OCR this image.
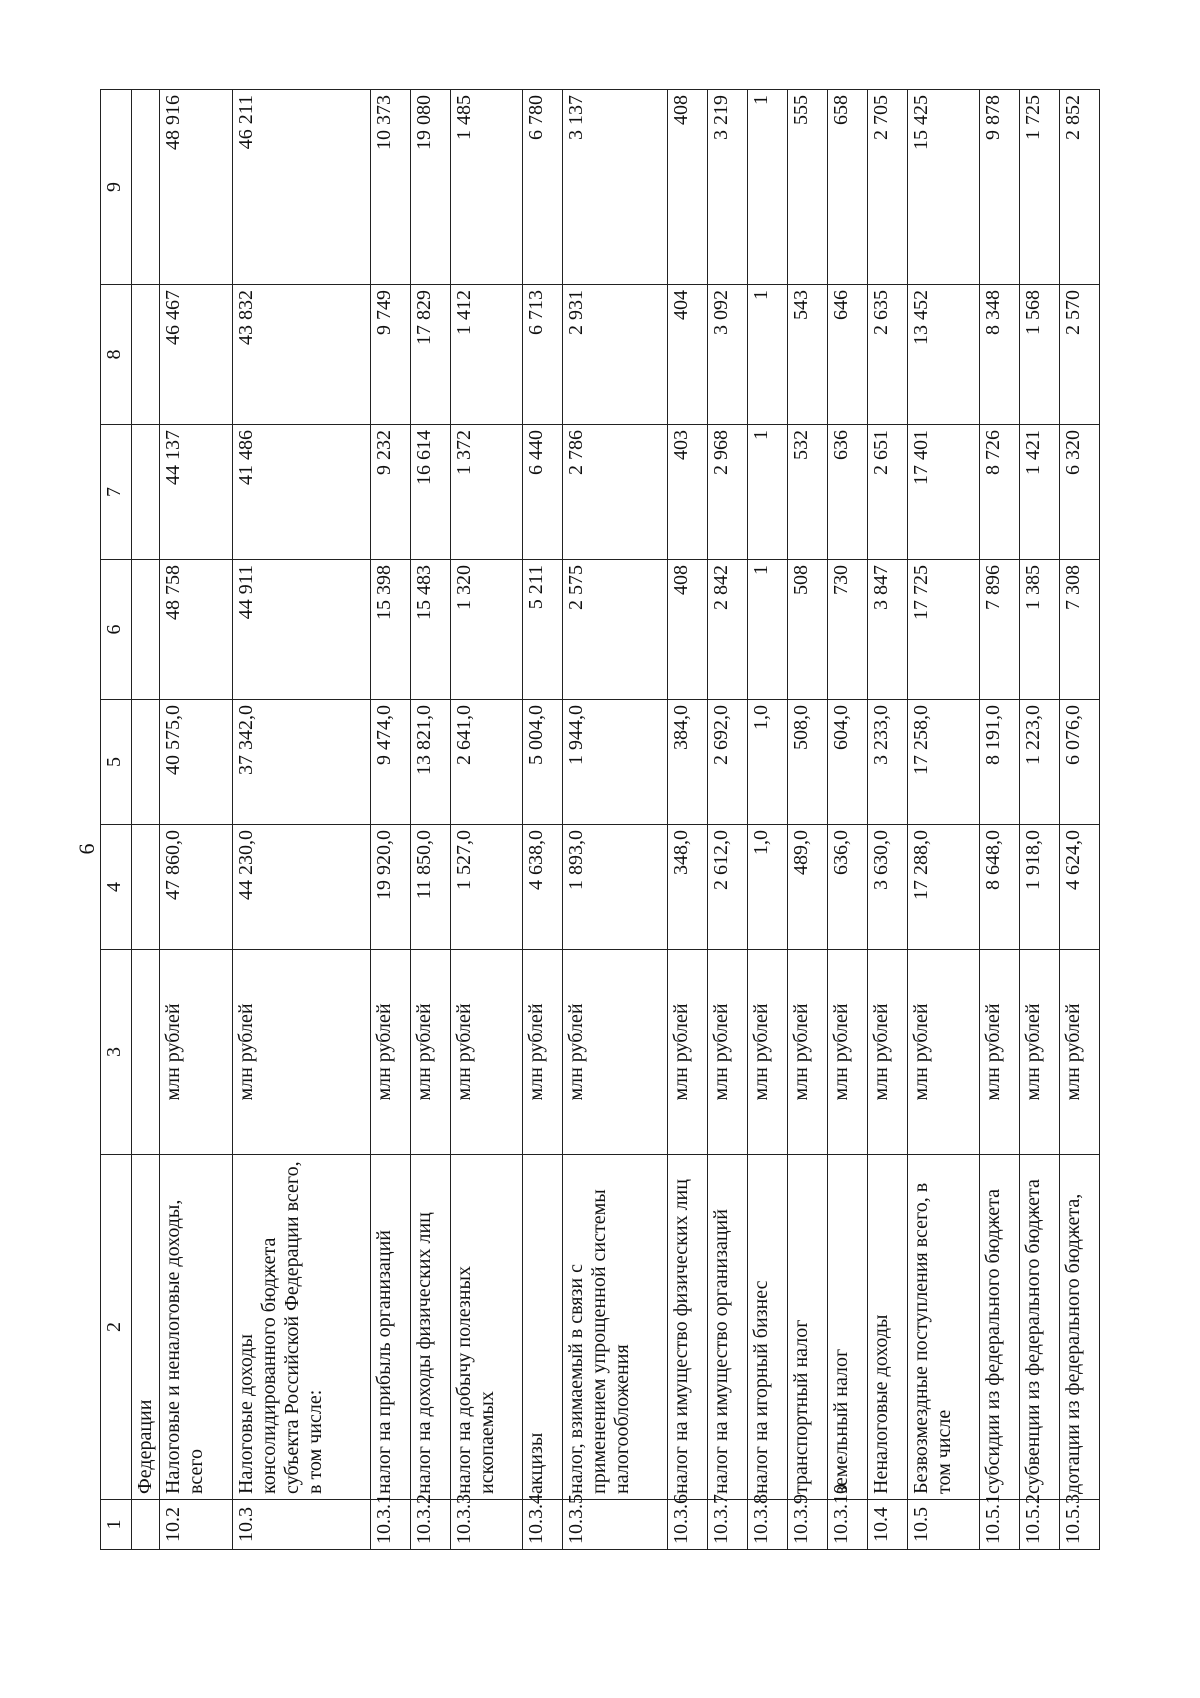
6
1	2	3	4	5	6	7	8	9
	Федерации							
10.2	Налоговые и неналоговые доходы, всего	млн рублей	47 860,0	40 575,0	48 758	44 137	46 467	48 916
10.3	Налоговые доходы консолидированного бюджета субъекта Российской Федерации всего, в том числе:	млн рублей	44 230,0	37 342,0	44 911	41 486	43 832	46 211
10.3.1	налог на прибыль организаций	млн рублей	19 920,0	9 474,0	15 398	9 232	9 749	10 373
10.3.2	налог на доходы физических лиц	млн рублей	11 850,0	13 821,0	15 483	16 614	17 829	19 080
10.3.3	налог на добычу полезных ископаемых	млн рублей	1 527,0	2 641,0	1 320	1 372	1 412	1 485
10.3.4	акцизы	млн рублей	4 638,0	5 004,0	5 211	6 440	6 713	6 780
10.3.5	налог, взимаемый в связи с применением упрощенной системы налогообложения	млн рублей	1 893,0	1 944,0	2 575	2 786	2 931	3 137
10.3.6	налог на имущество физических лиц	млн рублей	348,0	384,0	408	403	404	408
10.3.7	налог на имущество организаций	млн рублей	2 612,0	2 692,0	2 842	2 968	3 092	3 219
10.3.8	налог на игорный бизнес	млн рублей	1,0	1,0	1	1	1	1
10.3.9	транспортный налог	млн рублей	489,0	508,0	508	532	543	555
10.3.10	земельный налог	млн рублей	636,0	604,0	730	636	646	658
10.4	Неналоговые доходы	млн рублей	3 630,0	3 233,0	3 847	2 651	2 635	2 705
10.5	Безвозмездные поступления всего, в том числе	млн рублей	17 288,0	17 258,0	17 725	17 401	13 452	15 425
10.5.1	субсидии из федерального бюджета	млн рублей	8 648,0	8 191,0	7 896	8 726	8 348	9 878
10.5.2	субвенции из федерального бюджета	млн рублей	1 918,0	1 223,0	1 385	1 421	1 568	1 725
10.5.3	дотации из федерального бюджета,	млн рублей	4 624,0	6 076,0	7 308	6 320	2 570	2 852
